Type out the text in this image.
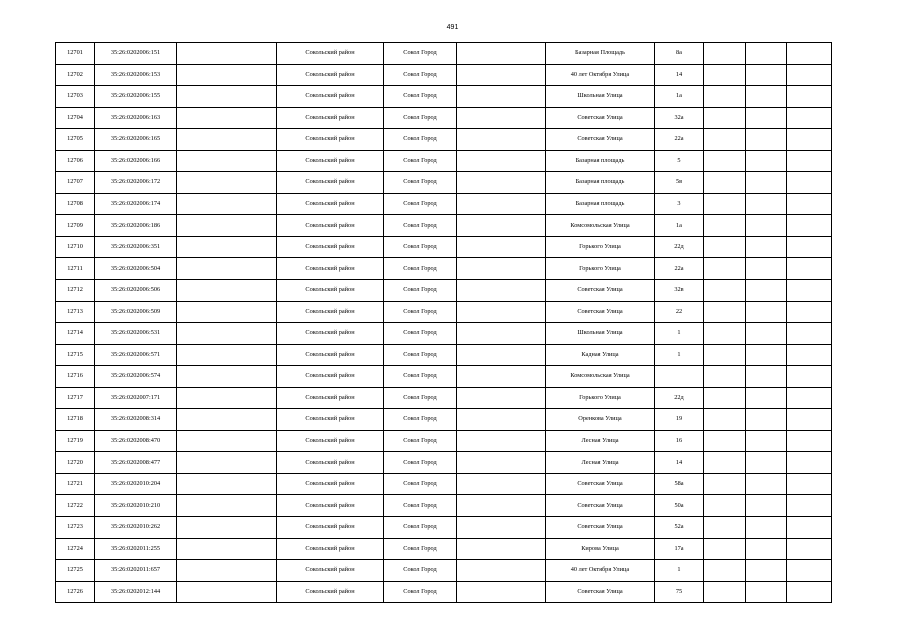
491
12701	35:26:0202006:151		Сокольский район	Сокол Город		Базарная Площадь	8а			
12702	35:26:0202006:153		Сокольский район	Сокол Город		40 лет Октября Улица	14			
12703	35:26:0202006:155		Сокольский район	Сокол Город		Школьная Улица	1а			
12704	35:26:0202006:163		Сокольский район	Сокол Город		Советская Улица	32а			
12705	35:26:0202006:165		Сокольский район	Сокол Город		Советская Улица	22а			
12706	35:26:0202006:166		Сокольский район	Сокол Город		Базарная площадь	5			
12707	35:26:0202006:172		Сокольский район	Сокол Город		Базарная площадь	5в			
12708	35:26:0202006:174		Сокольский район	Сокол Город		Базарная площадь	3			
12709	35:26:0202006:186		Сокольский район	Сокол Город		Комсомольская Улица	1а			
12710	35:26:0202006:351		Сокольский район	Сокол Город		Горького Улица	22д			
12711	35:26:0202006:504		Сокольский район	Сокол Город		Горького Улица	22а			
12712	35:26:0202006:506		Сокольский район	Сокол Город		Советская Улица	32в			
12713	35:26:0202006:509		Сокольский район	Сокол Город		Советская Улица	22			
12714	35:26:0202006:531		Сокольский район	Сокол Город		Школьная Улица	1			
12715	35:26:0202006:571		Сокольский район	Сокол Город		Кадная Улица	1			
12716	35:26:0202006:574		Сокольский район	Сокол Город		Комсомольская Улица				
12717	35:26:0202007:171		Сокольский район	Сокол Город		Горького Улица	22д			
12718	35:26:0202008:314		Сокольский район	Сокол Город		Оренкова Улица	19			
12719	35:26:0202008:470		Сокольский район	Сокол Город		Лесная Улица	16			
12720	35:26:0202008:477		Сокольский район	Сокол Город		Лесная Улица	14			
12721	35:26:0202010:204		Сокольский район	Сокол Город		Советская Улица	58а			
12722	35:26:0202010:210		Сокольский район	Сокол Город		Советская Улица	50а			
12723	35:26:0202010:262		Сокольский район	Сокол Город		Советская Улица	52а			
12724	35:26:0202011:255		Сокольский район	Сокол Город		Кирова Улица	17а			
12725	35:26:0202011:657		Сокольский район	Сокол Город		40 лет Октября Улица	1			
12726	35:26:0202012:144		Сокольский район	Сокол Город		Советская Улица	75			
